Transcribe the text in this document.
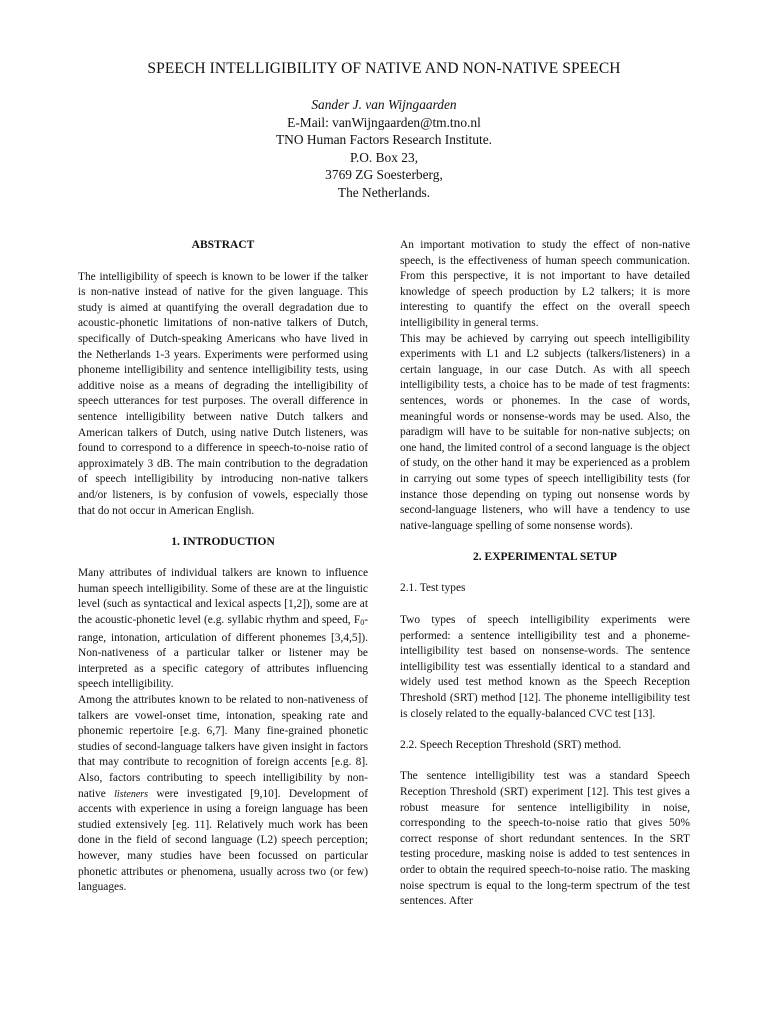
SPEECH INTELLIGIBILITY OF NATIVE AND NON-NATIVE SPEECH
Sander J. van Wijngaarden
E-Mail: vanWijngaarden@tm.tno.nl
TNO Human Factors Research Institute.
P.O. Box 23,
3769 ZG Soesterberg,
The Netherlands.
ABSTRACT

The intelligibility of speech is known to be lower if the talker is non-native instead of native for the given language. This study is aimed at quantifying the overall degradation due to acoustic-phonetic limitations of non-native talkers of Dutch, specifically of Dutch-speaking Americans who have lived in the Netherlands 1-3 years. Experiments were performed using phoneme intelligibility and sentence intelligibility tests, using additive noise as a means of degrading the intelligibility of speech utterances for test purposes. The overall difference in sentence intelligibility between native Dutch talkers and American talkers of Dutch, using native Dutch listeners, was found to correspond to a difference in speech-to-noise ratio of approximately 3 dB. The main contribution to the degradation of speech intelligibility by introducing non-native talkers and/or listeners, is by confusion of vowels, especially those that do not occur in American English.

1. INTRODUCTION

Many attributes of individual talkers are known to influence human speech intelligibility. Some of these are at the linguistic level (such as syntactical and lexical aspects [1,2]), some are at the acoustic-phonetic level (e.g. syllabic rhythm and speed, $F_0$-range, intonation, articulation of different phonemes [3,4,5]). Non-nativeness of a particular talker or listener may be interpreted as a specific category of attributes influencing speech intelligibility.

Among the attributes known to be related to non-nativeness of talkers are vowel-onset time, intonation, speaking rate and phonemic repertoire [e.g. 6,7]. Many fine-grained phonetic studies of second-language talkers have given insight in factors that may contribute to recognition of foreign accents [e.g. 8]. Also, factors contributing to speech intelligibility by non-native listeners were investigated [9,10]. Development of accents with experience in using a foreign language has been studied extensively [eg. 11]. Relatively much work has been done in the field of second language (L2) speech perception; however, many studies have been focussed on particular phonetic attributes or phenomena, usually across two (or few) languages.

An important motivation to study the effect of non-native speech, is the effectiveness of human speech communication. From this perspective, it is not important to have detailed knowledge of speech production by L2 talkers; it is more interesting to quantify the effect on the overall speech intelligibility in general terms.

This may be achieved by carrying out speech intelligibility experiments with L1 and L2 subjects (talkers/listeners) in a certain language, in our case Dutch. As with all speech intelligibility tests, a choice has to be made of test fragments: sentences, words or phonemes. In the case of words, meaningful words or nonsense-words may be used. Also, the paradigm will have to be suitable for non-native subjects; on one hand, the limited control of a second language is the object of study, on the other hand it may be experienced as a problem in carrying out some types of speech intelligibility tests (for instance those depending on typing out nonsense words by second-language listeners, who will have a tendency to use native-language spelling of some nonsense words).

2. EXPERIMENTAL SETUP
2.1. Test types

Two types of speech intelligibility experiments were performed: a sentence intelligibility test and a phoneme-intelligibility test based on nonsense-words. The sentence intelligibility test was essentially identical to a standard and widely used test method known as the Speech Reception Threshold (SRT) method [12]. The phoneme intelligibility test is closely related to the equally-balanced CVC test [13].

2.2. Speech Reception Threshold (SRT) method.

The sentence intelligibility test was a standard Speech Reception Threshold (SRT) experiment [12]. This test gives a robust measure for sentence intelligibility in noise, corresponding to the speech-to-noise ratio that gives 50% correct response of short redundant sentences. In the SRT testing procedure, masking noise is added to test sentences in order to obtain the required speech-to-noise ratio. The masking noise spectrum is equal to the long-term spectrum of the test sentences. After
